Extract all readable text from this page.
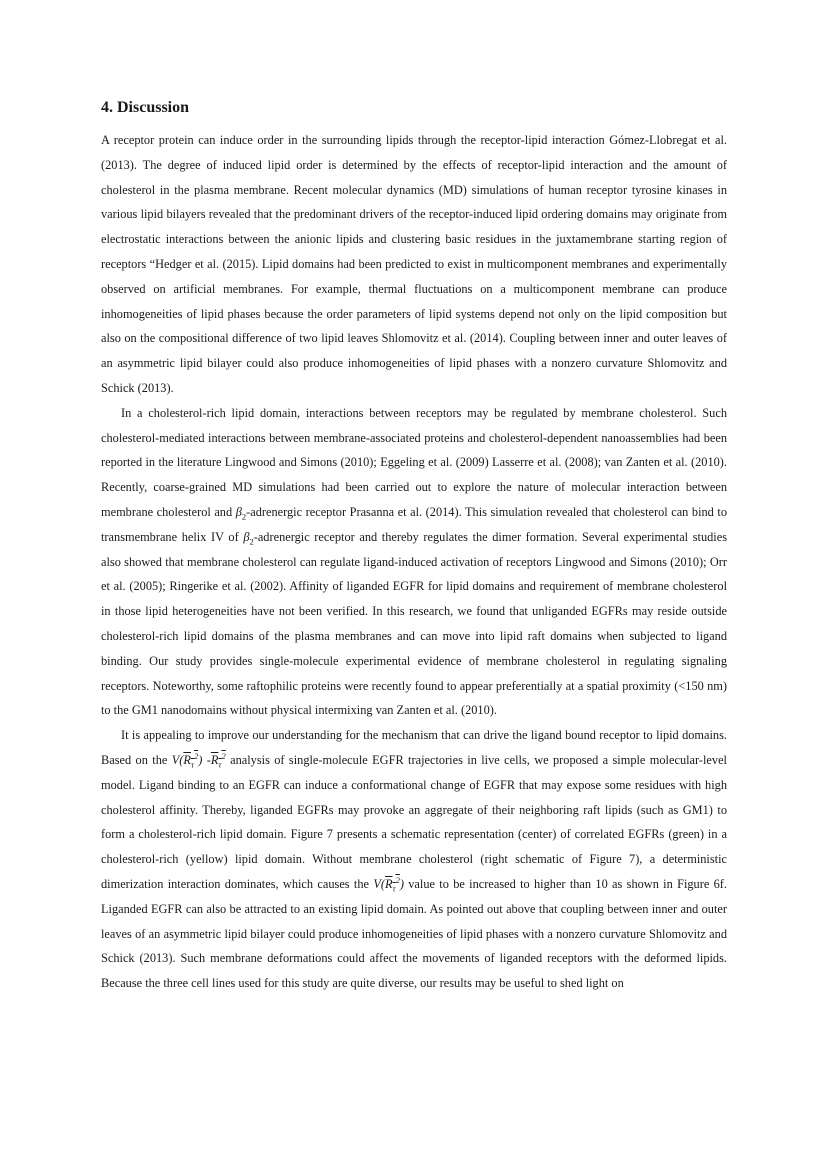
4. Discussion

A receptor protein can induce order in the surrounding lipids through the receptor-lipid interaction Gómez-Llobregat et al. (2013). The degree of induced lipid order is determined by the effects of receptor-lipid interaction and the amount of cholesterol in the plasma membrane. Recent molecular dynamics (MD) simulations of human receptor tyrosine kinases in various lipid bilayers revealed that the predominant drivers of the receptor-induced lipid ordering domains may originate from electrostatic interactions between the anionic lipids and clustering basic residues in the juxtamembrane starting region of receptors “Hedger et al. (2015). Lipid domains had been predicted to exist in multicomponent membranes and experimentally observed on artificial membranes. For example, thermal fluctuations on a multicomponent membrane can produce inhomogeneities of lipid phases because the order parameters of lipid systems depend not only on the lipid composition but also on the compositional difference of two lipid leaves Shlomovitz et al. (2014). Coupling between inner and outer leaves of an asymmetric lipid bilayer could also produce inhomogeneities of lipid phases with a nonzero curvature Shlomovitz and Schick (2013).

In a cholesterol-rich lipid domain, interactions between receptors may be regulated by membrane cholesterol. Such cholesterol-mediated interactions between membrane-associated proteins and cholesterol-dependent nanoassemblies had been reported in the literature Lingwood and Simons (2010); Eggeling et al. (2009) Lasserre et al. (2008); van Zanten et al. (2010). Recently, coarse-grained MD simulations had been carried out to explore the nature of molecular interaction between membrane cholesterol and $\beta_2$-adrenergic receptor Prasanna et al. (2014). This simulation revealed that cholesterol can bind to transmembrane helix IV of $\beta_2$-adrenergic receptor and thereby regulates the dimer formation. Several experimental studies also showed that membrane cholesterol can regulate ligand-induced activation of receptors Lingwood and Simons (2010); Orr et al. (2005); Ringerike et al. (2002). Affinity of liganded EGFR for lipid domains and requirement of membrane cholesterol in those lipid heterogeneities have not been verified. In this research, we found that unliganded EGFRs may reside outside cholesterol-rich lipid domains of the plasma membranes and can move into lipid raft domains when subjected to ligand binding. Our study provides single-molecule experimental evidence of membrane cholesterol in regulating signaling receptors. Noteworthy, some raftophilic proteins were recently found to appear preferentially at a spatial proximity (<150 nm) to the GM1 nanodomains without physical intermixing van Zanten et al. (2010).

It is appealing to improve our understanding for the mechanism that can drive the ligand bound receptor to lipid domains. Based on the $V(R_\tau^2)$ $-R_\tau^2$ analysis of single-molecule EGFR trajectories in live cells, we proposed a simple molecular-level model. Ligand binding to an EGFR can induce a conformational change of EGFR that may expose some residues with high cholesterol affinity. Thereby, liganded EGFRs may provoke an aggregate of their neighboring raft lipids (such as GM1) to form a cholesterol-rich lipid domain. Figure 7 presents a schematic representation (center) of correlated EGFRs (green) in a cholesterol-rich (yellow) lipid domain. Without membrane cholesterol (right schematic of Figure 7), a deterministic dimerization interaction dominates, which causes the $V(R_\tau^2)$ value to be increased to higher than 10 as shown in Figure 6f. Liganded EGFR can also be attracted to an existing lipid domain. As pointed out above that coupling between inner and outer leaves of an asymmetric lipid bilayer could produce inhomogeneities of lipid phases with a nonzero curvature Shlomovitz and Schick (2013). Such membrane deformations could affect the movements of liganded receptors with the deformed lipids. Because the three cell lines used for this study are quite diverse, our results may be useful to shed light on
